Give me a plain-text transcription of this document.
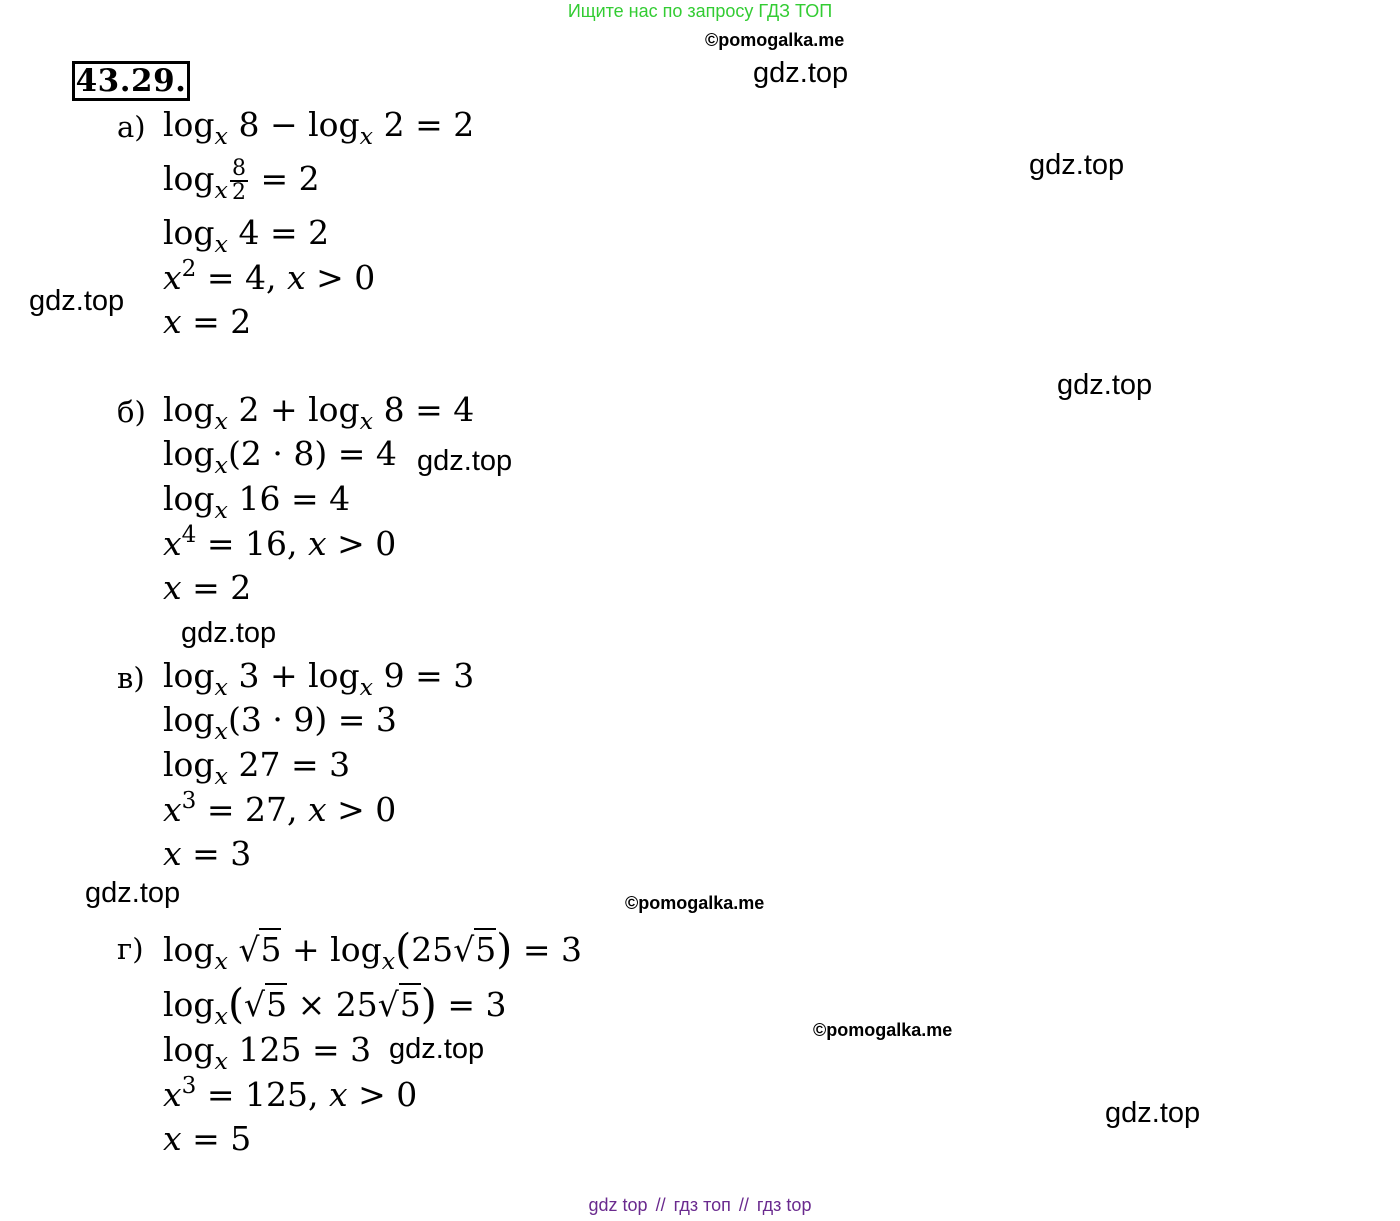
Ищите нас по запросу ГДЗ ТОП
©pomogalka.me
43.29.	gdz.top
gdz.top
gdz.top
gdz.top
gdz.top
gdz.top
gdz.top
gdz.top
gdz.top
©pomogalka.me
©pomogalka.me
а) $\log_x 8 - \log_x 2 = 2$
$\log_x \frac{8}{2} = 2$
$\log_x 4 = 2$
$x^2 = 4$, x > 0
x = 2
б) $\log_x 2 + \log_x 8 = 4$
$\log_x(2 \cdot 8) = 4$
$\log_x 16 = 4$
$x^4 = 16$, x > 0
x = 2
в) $\log_x 3 + \log_x 9 = 3$
$\log_x(3 \cdot 9) = 3$
$\log_x 27 = 3$
$x^3 = 27$, x > 0
x = 3
г) $\log_x √5 + \log_x(25√5) = 3$
$\log_x(√5 \times 25√5) = 3$
$\log_x 125 = 3$
$x^3 = 125$, x > 0
x = 5
gdz top // гдз топ // гдз top
